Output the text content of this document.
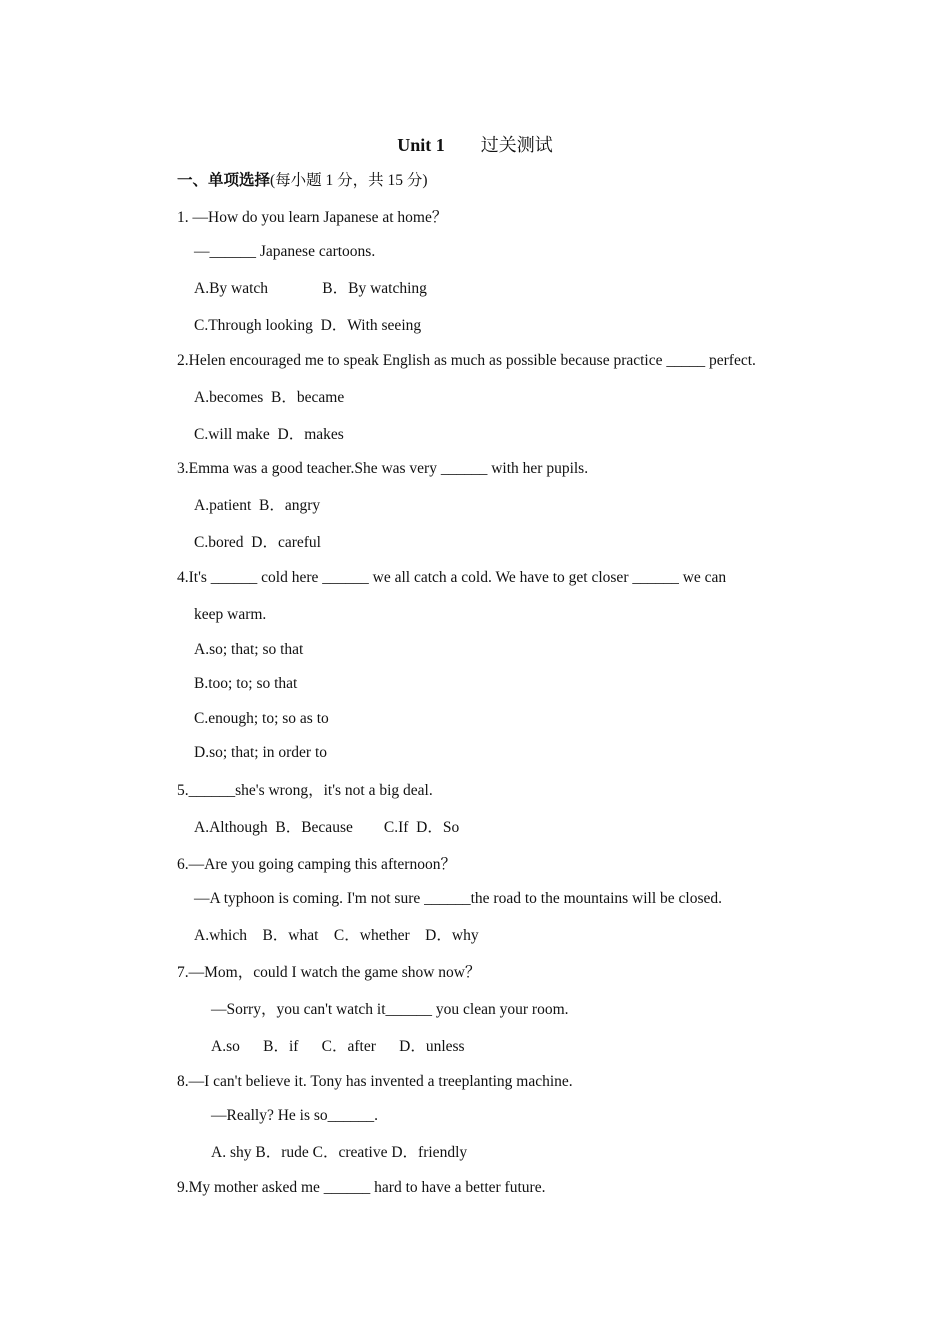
Unit 1 过关测试
一、单项选择(每小题 1 分，共 15 分)
1. —How do you learn Japanese at home？
—______ Japanese cartoons.
A.By watch              B．By watching
C.Through looking  D．With seeing
2.Helen encouraged me to speak English as much as possible because practice _____ perfect.
A.becomes  B．became
C.will make  D．makes
3.Emma was a good teacher.She was very ______ with her pupils.
A.patient  B．angry
C.bored  D．careful
4.It's ______ cold here ______ we all catch a cold. We have to get closer ______ we can
keep warm.
A.so; that; so that
B.too; to; so that
C.enough; to; so as to
D.so; that; in order to
5.______she's wrong，it's not a big deal.
A.Although  B．Because        C.If  D．So
6.—Are you going camping this afternoon？
—A typhoon is coming. I'm not sure ______the road to the mountains will be closed.
A.which    B．what    C．whether    D．why
7.—Mom，could I watch the game show now？
—Sorry，you can't watch it______ you clean your room.
A.so      B．if      C．after      D．unless
8.—I can't believe it. Tony has invented a treeplanting machine.
—Really? He is so______.
A. shy B．rude C．creative D．friendly
9.My mother asked me ______ hard to have a better future.
